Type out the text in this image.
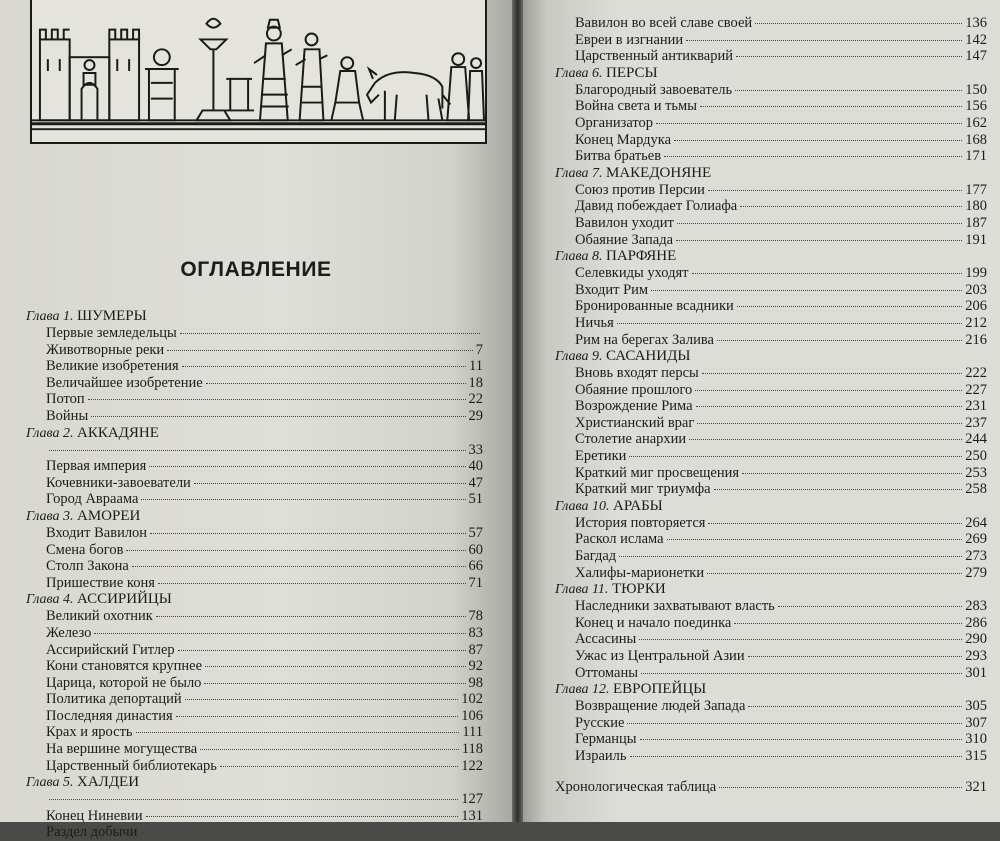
ОГЛАВЛЕНИЕ
Глава 1. ШУМЕРЫ
Первые земледельцы
Животворные реки	7
Великие изобретения	11
Величайшее изобретение	18
Потоп	22
Войны	29
Глава 2. АККАДЯНЕ
33
Первая империя	40
Кочевники-завоеватели	47
Город Авраама	51
Глава 3. АМОРЕИ
Входит Вавилон	57
Смена богов	60
Столп Закона	66
Пришествие коня	71
Глава 4. АССИРИЙЦЫ
Великий охотник	78
Железо	83
Ассирийский Гитлер	87
Кони становятся крупнее	92
Царица, которой не было	98
Политика депортаций	102
Последняя династия	106
Крах и ярость	111
На вершине могущества	118
Царственный библиотекарь	122
Глава 5. ХАЛДЕИ
127
Конец Ниневии	131
Раздел добычи
Вавилон во всей славе своей	136
Евреи в изгнании	142
Царственный антикварий	147
Глава 6. ПЕРСЫ
Благородный завоеватель	150
Война света и тьмы	156
Организатор	162
Конец Мардука	168
Битва братьев	171
Глава 7. МАКЕДОНЯНЕ
Союз против Персии	177
Давид побеждает Голиафа	180
Вавилон уходит	187
Обаяние Запада	191
Глава 8. ПАРФЯНЕ
Селевкиды уходят	199
Входит Рим	203
Бронированные всадники	206
Ничья	212
Рим на берегах Залива	216
Глава 9. САСАНИДЫ
Вновь входят персы	222
Обаяние прошлого	227
Возрождение Рима	231
Христианский враг	237
Столетие анархии	244
Еретики	250
Краткий миг просвещения	253
Краткий миг триумфа	258
Глава 10. АРАБЫ
История повторяется	264
Раскол ислама	269
Багдад	273
Халифы-марионетки	279
Глава 11. ТЮРКИ
Наследники захватывают власть	283
Конец и начало поединка	286
Ассасины	290
Ужас из Центральной Азии	293
Оттоманы	301
Глава 12. ЕВРОПЕЙЦЫ
Возвращение людей Запада	305
Русские	307
Германцы	310
Израиль	315
Хронологическая таблица	321
